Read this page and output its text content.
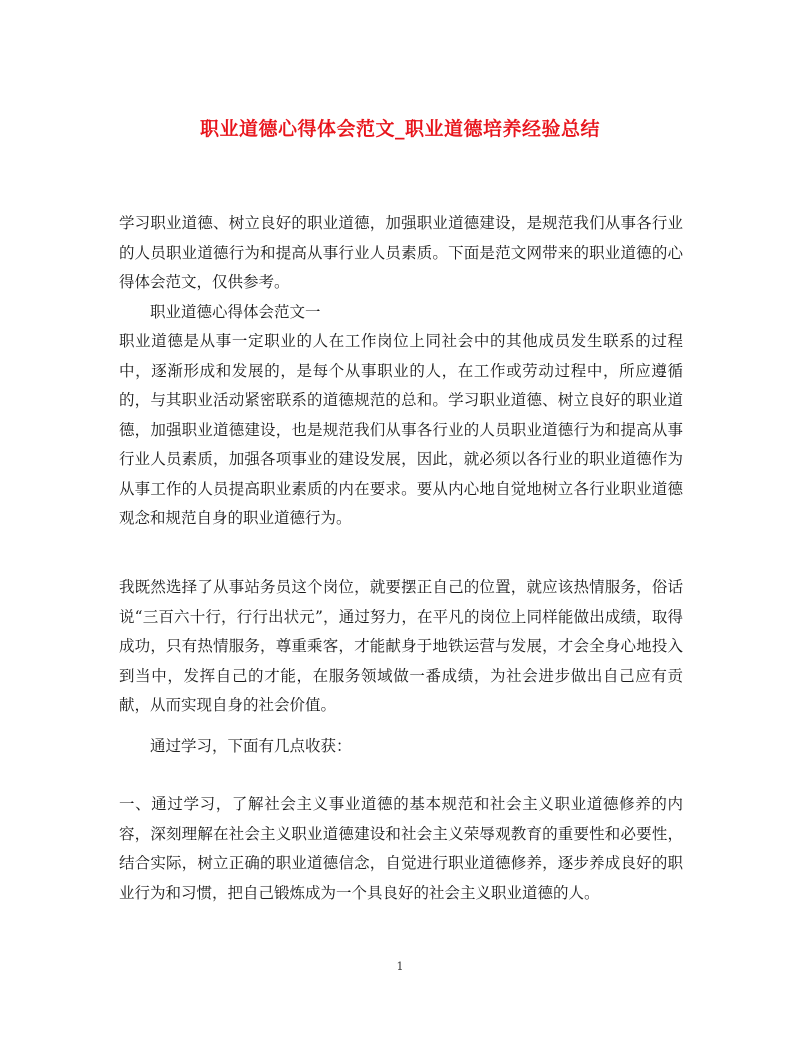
职业道德心得体会范文_职业道德培养经验总结

学习职业道德、树立良好的职业道德，加强职业道德建设，是规范我们从事各行业的人员职业道德行为和提高从事行业人员素质。下面是范文网带来的职业道德的心得体会范文，仅供参考。

职业道德心得体会范文一

职业道德是从事一定职业的人在工作岗位上同社会中的其他成员发生联系的过程中，逐渐形成和发展的，是每个从事职业的人，在工作或劳动过程中，所应遵循的，与其职业活动紧密联系的道德规范的总和。学习职业道德、树立良好的职业道德，加强职业道德建设，也是规范我们从事各行业的人员职业道德行为和提高从事行业人员素质，加强各项事业的建设发展，因此，就必须以各行业的职业道德作为从事工作的人员提高职业素质的内在要求。要从内心地自觉地树立各行业职业道德观念和规范自身的职业道德行为。

我既然选择了从事站务员这个岗位，就要摆正自己的位置，就应该热情服务，俗话说“三百六十行，行行出状元”，通过努力，在平凡的岗位上同样能做出成绩，取得成功，只有热情服务，尊重乘客，才能献身于地铁运营与发展，才会全身心地投入到当中，发挥自己的才能，在服务领域做一番成绩，为社会进步做出自己应有贡献，从而实现自身的社会价值。

通过学习，下面有几点收获：

一、通过学习，了解社会主义事业道德的基本规范和社会主义职业道德修养的内容，深刻理解在社会主义职业道德建设和社会主义荣辱观教育的重要性和必要性，结合实际，树立正确的职业道德信念，自觉进行职业道德修养，逐步养成良好的职业行为和习惯，把自己锻炼成为一个具良好的社会主义职业道德的人。

1
